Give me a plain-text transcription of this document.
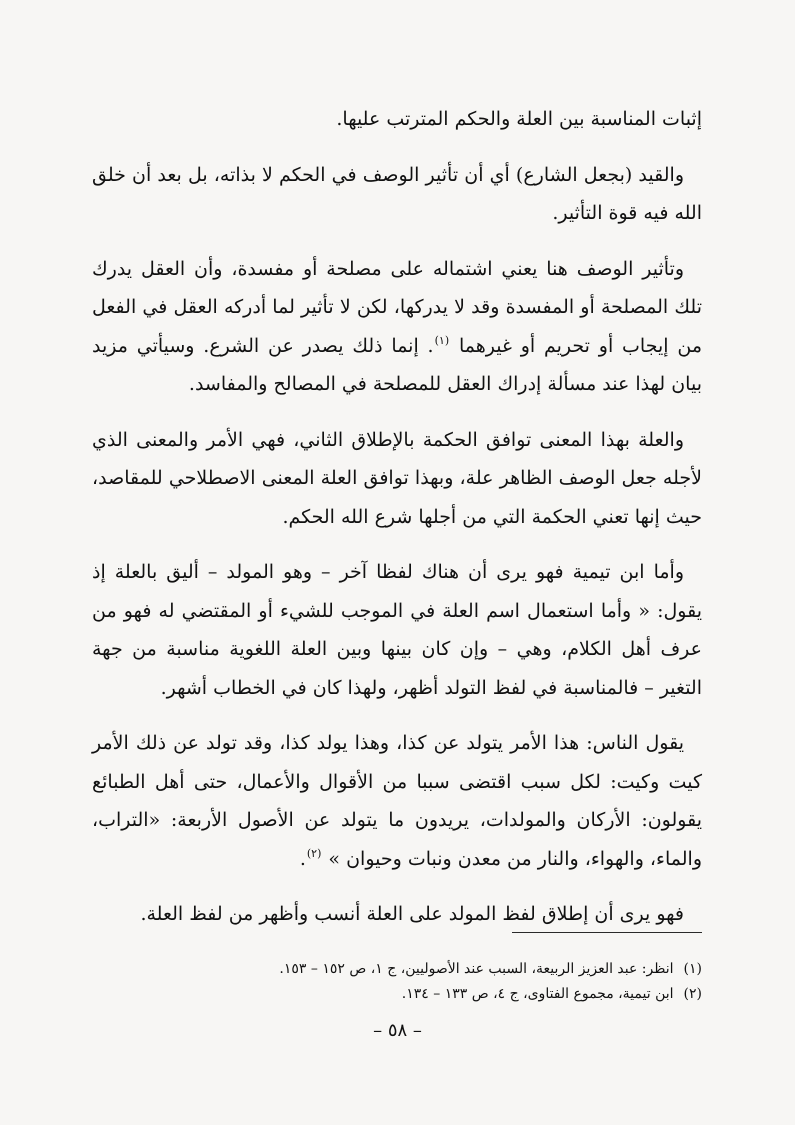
إثبات المناسبة بين العلة والحكم المترتب عليها.

والقيد (بجعل الشارع) أي أن تأثير الوصف في الحكم لا بذاته، بل بعد أن خلق الله فيه قوة التأثير.

وتأثير الوصف هنا يعني اشتماله على مصلحة أو مفسدة، وأن العقل يدرك تلك المصلحة أو المفسدة وقد لا يدركها، لكن لا تأثير لما أدركه العقل في الفعل من إيجاب أو تحريم أو غيرهما $^{(١)}$. إنما ذلك يصدر عن الشرع. وسيأتي مزيد بيان لهذا عند مسألة إدراك العقل للمصلحة في المصالح والمفاسد.

والعلة بهذا المعنى توافق الحكمة بالإطلاق الثاني، فهي الأمر والمعنى الذي لأجله جعل الوصف الظاهر علة، وبهذا توافق العلة المعنى الاصطلاحي للمقاصد، حيث إنها تعني الحكمة التي من أجلها شرع الله الحكم.

وأما ابن تيمية فهو يرى أن هناك لفظا آخر – وهو المولد – أليق بالعلة إذ يقول: « وأما استعمال اسم العلة في الموجب للشيء أو المقتضي له فهو من عرف أهل الكلام، وهي – وإن كان بينها وبين العلة اللغوية مناسبة من جهة التغير – فالمناسبة في لفظ التولد أظهر، ولهذا كان في الخطاب أشهر.

يقول الناس: هذا الأمر يتولد عن كذا، وهذا يولد كذا، وقد تولد عن ذلك الأمر كيت وكيت: لكل سبب اقتضى سببا من الأقوال والأعمال، حتى أهل الطبائع يقولون: الأركان والمولدات، يريدون ما يتولد عن الأصول الأربعة: «التراب، والماء، والهواء، والنار من معدن ونبات وحيوان » $^{(٢)}$.

فهو يرى أن إطلاق لفظ المولد على العلة أنسب وأظهر من لفظ العلة.

(١)انظر: عبد العزيز الربيعة، السبب عند الأصوليين، ج ١، ص ١٥٢ – ١٥٣.

(٢)ابن تيمية، مجموع الفتاوى، ج ٤، ص ١٣٣ – ١٣٤.

– ٥٨ –
